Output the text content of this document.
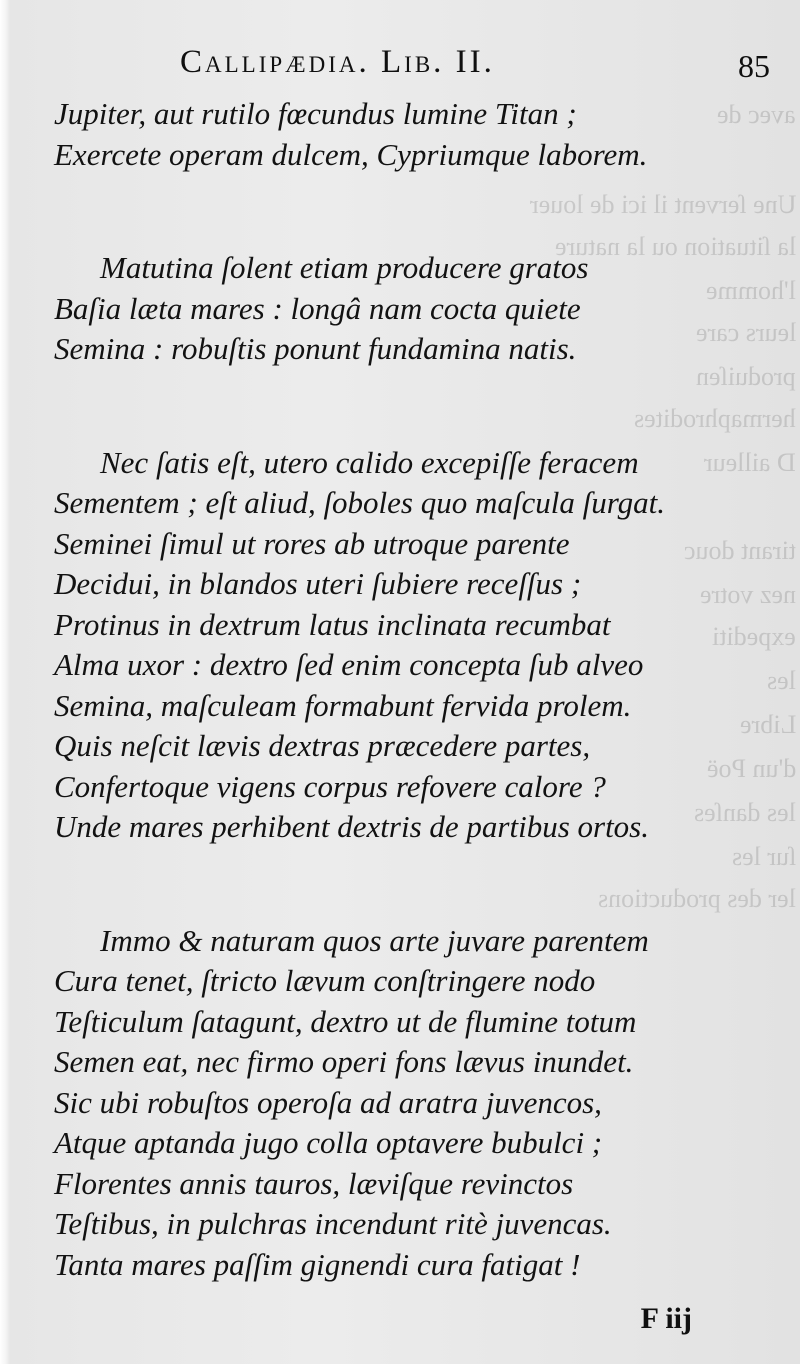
avec de
Une ſervent il ici de louer
la ſituation ou la nature
l'homme
leurs care
produiſen
hermaphrodites
D ailleur
tirant douc
nez votre
expediti
les
Libre
d'un Poë
les danſes
ſur les
ler des productions
Callipædia. Lib. II.	85
Jupiter, aut rutilo fœcundus lumine Titan ;
Exercete operam dulcem, Cypriumque laborem.
Matutina ſolent etiam producere gratos
Baſia læta mares : longâ nam cocta quiete
Semina : robuſtis ponunt fundamina natis.
Nec ſatis eſt, utero calido excepiſſe feracem
Sementem ; eſt aliud, ſoboles quo maſcula ſurgat.
Seminei ſimul ut rores ab utroque parente
Decidui, in blandos uteri ſubiere receſſus ;
Protinus in dextrum latus inclinata recumbat
Alma uxor : dextro ſed enim concepta ſub alveo
Semina, maſculeam formabunt fervida prolem.
Quis neſcit lævis dextras præcedere partes,
Confertoque vigens corpus refovere calore ?
Unde mares perhibent dextris de partibus ortos.
Immo & naturam quos arte juvare parentem
Cura tenet, ſtricto lævum conſtringere nodo
Teſticulum ſatagunt, dextro ut de flumine totum
Semen eat, nec firmo operi fons lævus inundet.
Sic ubi robuſtos operoſa ad aratra juvencos,
Atque aptanda jugo colla optavere bubulci ;
Florentes annis tauros, læviſque revinctos
Teſtibus, in pulchras incendunt ritè juvencas.
Tanta mares paſſim gignendi cura fatigat !
F iij
